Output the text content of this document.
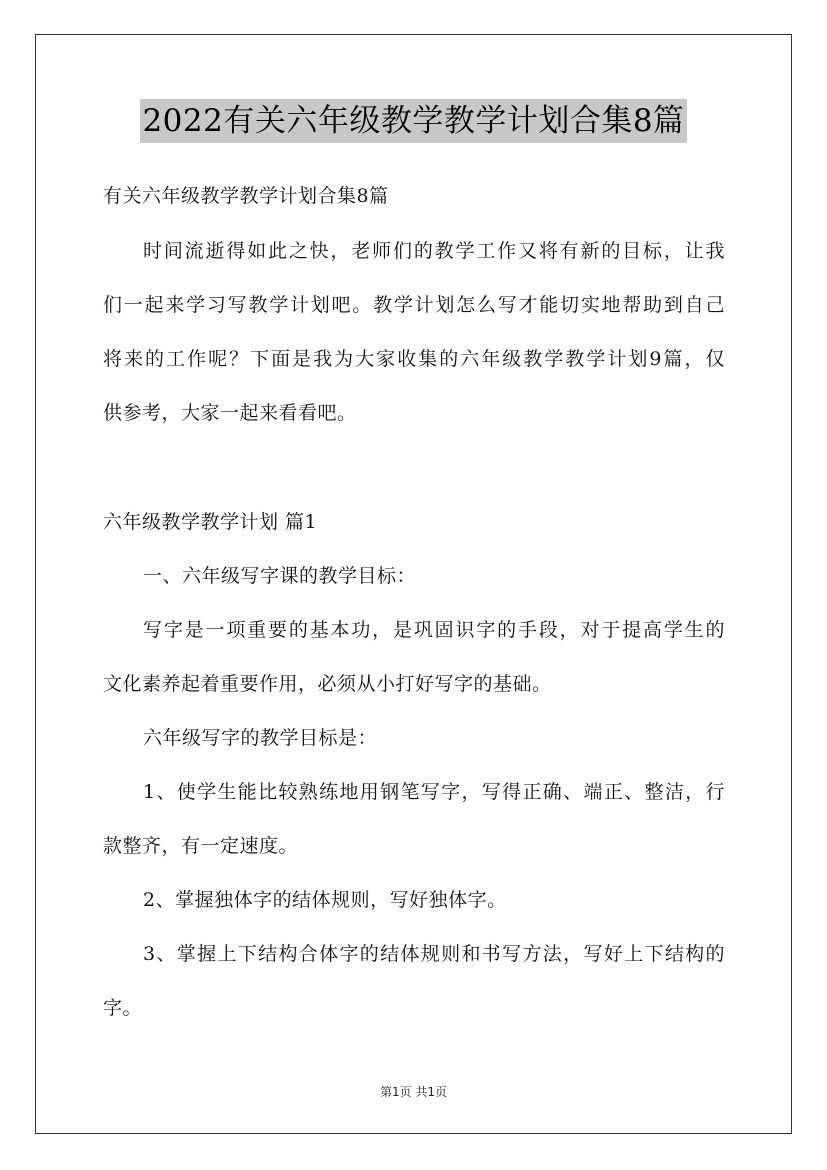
2022有关六年级教学教学计划合集8篇
有关六年级教学教学计划合集8篇
时间流逝得如此之快，老师们的教学工作又将有新的目标，让我
们一起来学习写教学计划吧。教学计划怎么写才能切实地帮助到自己
将来的工作呢？下面是我为大家收集的六年级教学教学计划9篇，仅
供参考，大家一起来看看吧。
六年级教学教学计划 篇1
一、六年级写字课的教学目标：
写字是一项重要的基本功，是巩固识字的手段，对于提高学生的
文化素养起着重要作用，必须从小打好写字的基础。
六年级写字的教学目标是：
1、使学生能比较熟练地用钢笔写字，写得正确、端正、整洁，行
款整齐，有一定速度。
2、掌握独体字的结体规则，写好独体字。
3、掌握上下结构合体字的结体规则和书写方法，写好上下结构的
字。
第1页 共1页
